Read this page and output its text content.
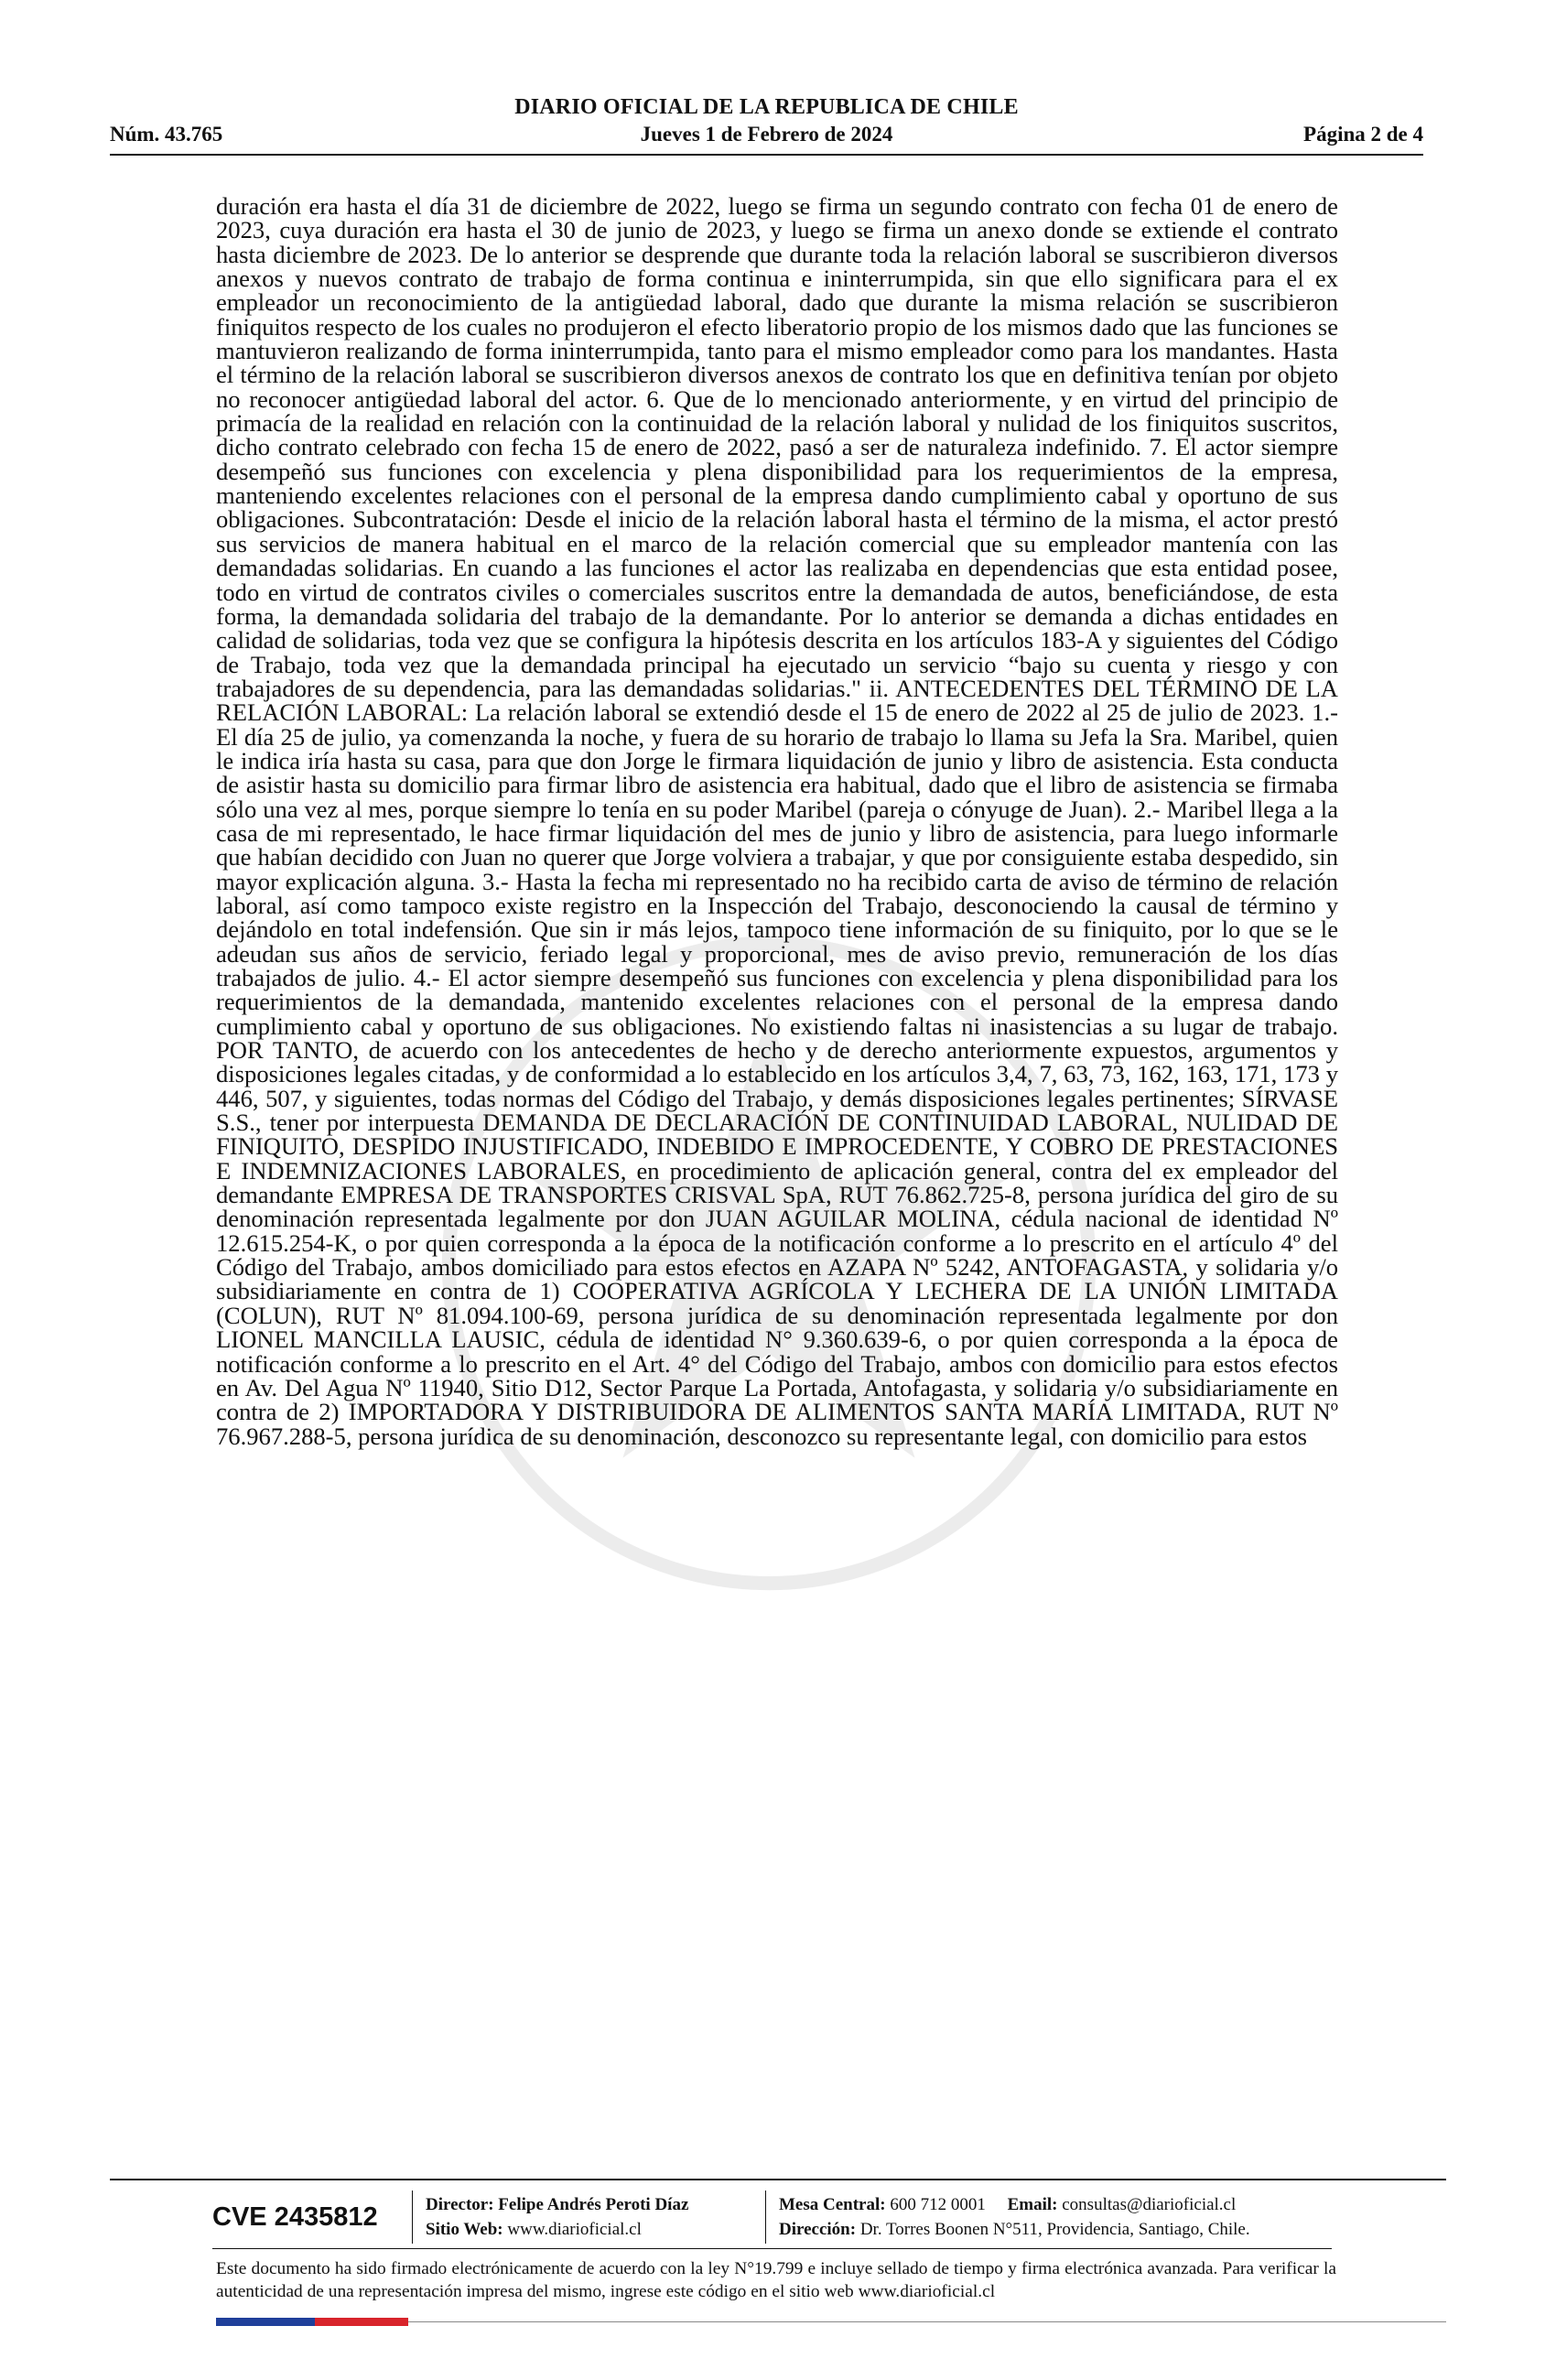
DIARIO OFICIAL DE LA REPUBLICA DE CHILE
Núm. 43.765	Jueves 1 de Febrero de 2024	Página 2 de 4

duración era hasta el día 31 de diciembre de 2022, luego se firma un segundo contrato con fecha 01 de enero de 2023, cuya duración era hasta el 30 de junio de 2023, y luego se firma un anexo donde se extiende el contrato hasta diciembre de 2023. De lo anterior se desprende que durante toda la relación laboral se suscribieron diversos anexos y nuevos contrato de trabajo de forma continua e ininterrumpida, sin que ello significara para el ex empleador un reconocimiento de la antigüedad laboral, dado que durante la misma relación se suscribieron finiquitos respecto de los cuales no produjeron el efecto liberatorio propio de los mismos dado que las funciones se mantuvieron realizando de forma ininterrumpida, tanto para el mismo empleador como para los mandantes. Hasta el término de la relación laboral se suscribieron diversos anexos de contrato los que en definitiva tenían por objeto no reconocer antigüedad laboral del actor. 6. Que de lo mencionado anteriormente, y en virtud del principio de primacía de la realidad en relación con la continuidad de la relación laboral y nulidad de los finiquitos suscritos, dicho contrato celebrado con fecha 15 de enero de 2022, pasó a ser de naturaleza indefinido. 7. El actor siempre desempeñó sus funciones con excelencia y plena disponibilidad para los requerimientos de la empresa, manteniendo excelentes relaciones con el personal de la empresa dando cumplimiento cabal y oportuno de sus obligaciones. Subcontratación: Desde el inicio de la relación laboral hasta el término de la misma, el actor prestó sus servicios de manera habitual en el marco de la relación comercial que su empleador mantenía con las demandadas solidarias. En cuando a las funciones el actor las realizaba en dependencias que esta entidad posee, todo en virtud de contratos civiles o comerciales suscritos entre la demandada de autos, beneficiándose, de esta forma, la demandada solidaria del trabajo de la demandante. Por lo anterior se demanda a dichas entidades en calidad de solidarias, toda vez que se configura la hipótesis descrita en los artículos 183-A y siguientes del Código de Trabajo, toda vez que la demandada principal ha ejecutado un servicio “bajo su cuenta y riesgo y con trabajadores de su dependencia, para las demandadas solidarias." ii. ANTECEDENTES DEL TÉRMINO DE LA RELACIÓN LABORAL: La relación laboral se extendió desde el 15 de enero de 2022 al 25 de julio de 2023. 1.- El día 25 de julio, ya comenzanda la noche, y fuera de su horario de trabajo lo llama su Jefa la Sra. Maribel, quien le indica iría hasta su casa, para que don Jorge le firmara liquidación de junio y libro de asistencia. Esta conducta de asistir hasta su domicilio para firmar libro de asistencia era habitual, dado que el libro de asistencia se firmaba sólo una vez al mes, porque siempre lo tenía en su poder Maribel (pareja o cónyuge de Juan). 2.- Maribel llega a la casa de mi representado, le hace firmar liquidación del mes de junio y libro de asistencia, para luego informarle que habían decidido con Juan no querer que Jorge volviera a trabajar, y que por consiguiente estaba despedido, sin mayor explicación alguna. 3.- Hasta la fecha mi representado no ha recibido carta de aviso de término de relación laboral, así como tampoco existe registro en la Inspección del Trabajo, desconociendo la causal de término y dejándolo en total indefensión. Que sin ir más lejos, tampoco tiene información de su finiquito, por lo que se le adeudan sus años de servicio, feriado legal y proporcional, mes de aviso previo, remuneración de los días trabajados de julio. 4.- El actor siempre desempeñó sus funciones con excelencia y plena disponibilidad para los requerimientos de la demandada, mantenido excelentes relaciones con el personal de la empresa dando cumplimiento cabal y oportuno de sus obligaciones. No existiendo faltas ni inasistencias a su lugar de trabajo. POR TANTO, de acuerdo con los antecedentes de hecho y de derecho anteriormente expuestos, argumentos y disposiciones legales citadas, y de conformidad a lo establecido en los artículos 3,4, 7, 63, 73, 162, 163, 171, 173 y 446, 507, y siguientes, todas normas del Código del Trabajo, y demás disposiciones legales pertinentes; SÍRVASE S.S., tener por interpuesta DEMANDA DE DECLARACIÓN DE CONTINUIDAD LABORAL, NULIDAD DE FINIQUITO, DESPIDO INJUSTIFICADO, INDEBIDO E IMPROCEDENTE, Y COBRO DE PRESTACIONES E INDEMNIZACIONES LABORALES, en procedimiento de aplicación general, contra del ex empleador del demandante EMPRESA DE TRANSPORTES CRISVAL SpA, RUT 76.862.725-8, persona jurídica del giro de su denominación representada legalmente por don JUAN AGUILAR MOLINA, cédula nacional de identidad Nº 12.615.254-K, o por quien corresponda a la época de la notificación conforme a lo prescrito en el artículo 4º del Código del Trabajo, ambos domiciliado para estos efectos en AZAPA Nº 5242, ANTOFAGASTA, y solidaria y/o subsidiariamente en contra de 1) COOPERATIVA AGRÍCOLA Y LECHERA DE LA UNIÓN LIMITADA (COLUN), RUT Nº 81.094.100-69, persona jurídica de su denominación representada legalmente por don LIONEL MANCILLA LAUSIC, cédula de identidad N° 9.360.639-6, o por quien corresponda a la época de notificación conforme a lo prescrito en el Art. 4° del Código del Trabajo, ambos con domicilio para estos efectos en Av. Del Agua Nº 11940, Sitio D12, Sector Parque La Portada, Antofagasta, y solidaria y/o subsidiariamente en contra de 2) IMPORTADORA Y DISTRIBUIDORA DE ALIMENTOS SANTA MARÍA LIMITADA, RUT Nº 76.967.288-5, persona jurídica de su denominación, desconozco su representante legal, con domicilio para estos

CVE 2435812	Director: Felipe Andrés Peroti Díaz
Sitio Web: www.diarioficial.cl
Mesa Central: 600 712 0001 Email: consultas@diarioficial.cl
Dirección: Dr. Torres Boonen N°511, Providencia, Santiago, Chile.
Este documento ha sido firmado electrónicamente de acuerdo con la ley N°19.799 e incluye sellado de tiempo y firma electrónica avanzada. Para verificar la autenticidad de una representación impresa del mismo, ingrese este código en el sitio web www.diarioficial.cl
